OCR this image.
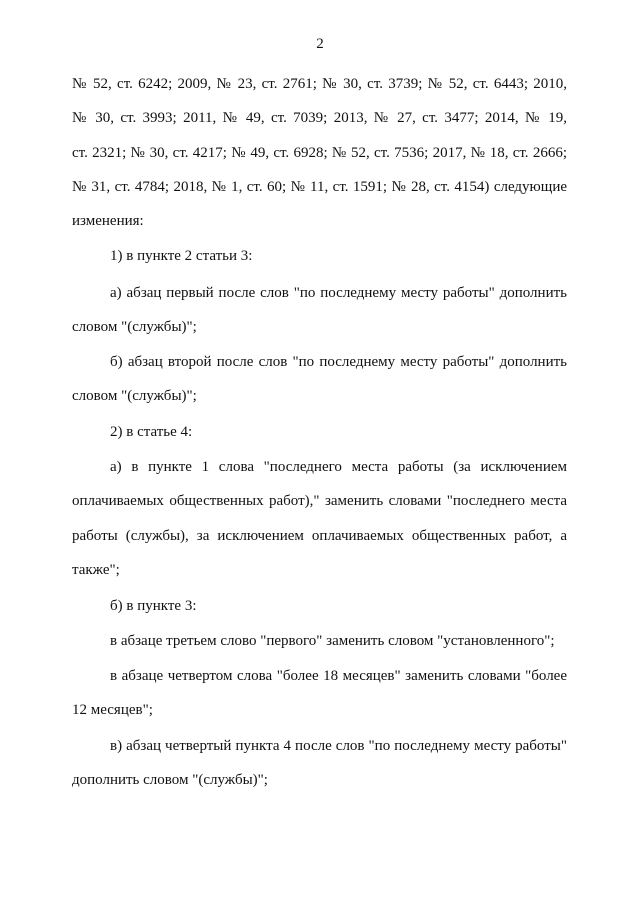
2
№ 52, ст. 6242; 2009, № 23, ст. 2761; № 30, ст. 3739; № 52, ст. 6443; 2010,
№ 30, ст. 3993; 2011, № 49, ст. 7039; 2013, № 27, ст. 3477; 2014, № 19,
ст. 2321; № 30, ст. 4217; № 49, ст. 6928; № 52, ст. 7536; 2017, № 18, ст. 2666;
№ 31, ст. 4784; 2018, № 1, ст. 60; № 11, ст. 1591; № 28, ст. 4154) следующие
изменения:
1) в пункте 2 статьи 3:
а) абзац первый после слов "по последнему месту работы" дополнить
словом "(службы)";
б) абзац второй после слов "по последнему месту работы" дополнить
словом "(службы)";
2) в статье 4:
а) в пункте 1 слова "последнего места работы (за исключением
оплачиваемых общественных работ)," заменить словами "последнего места
работы (службы), за исключением оплачиваемых общественных работ, а
также";
б) в пункте 3:
в абзаце третьем слово "первого" заменить словом "установленного";
в абзаце четвертом слова "более 18 месяцев" заменить словами "более
12 месяцев";
в) абзац четвертый пункта 4 после слов "по последнему месту работы"
дополнить словом "(службы)";
